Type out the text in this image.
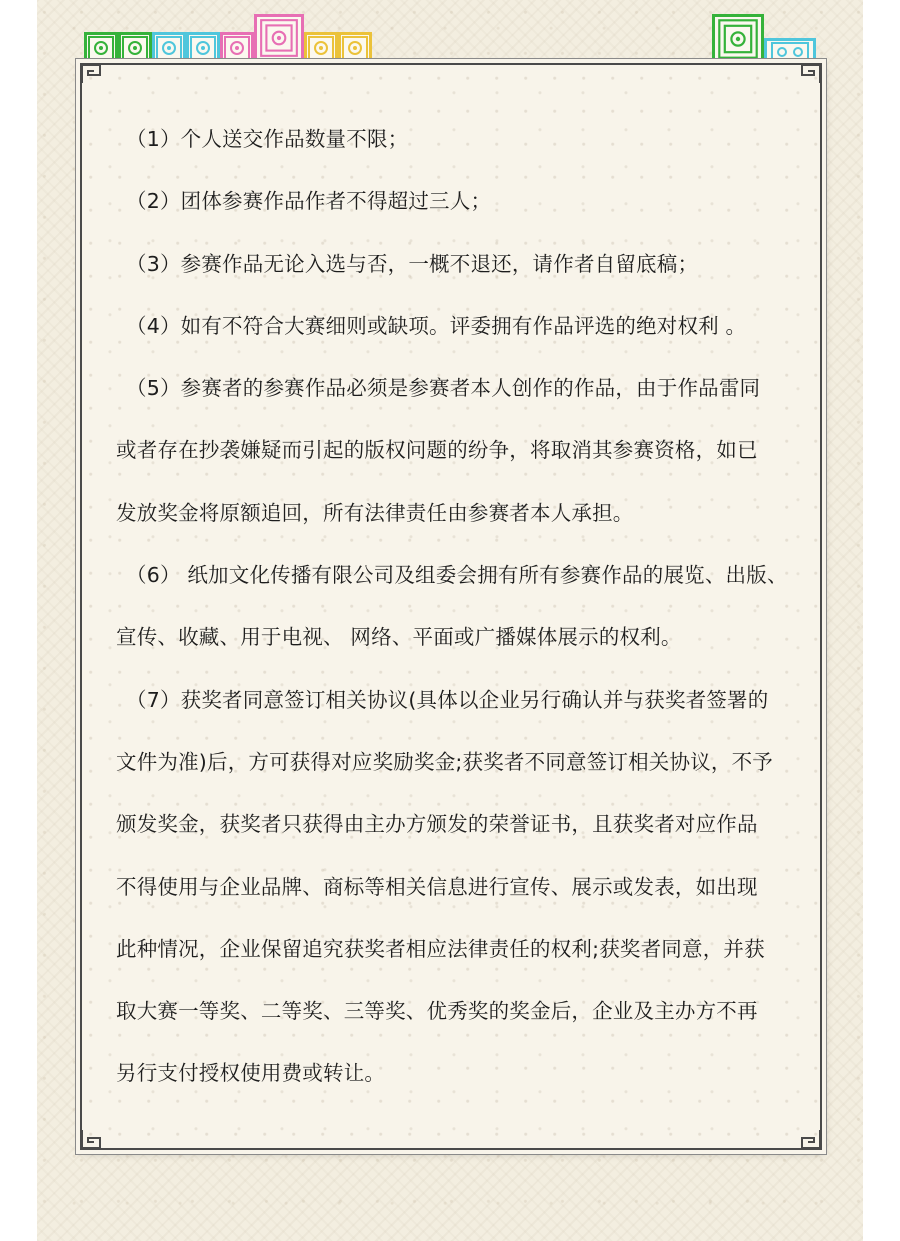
（1）个人送交作品数量不限；
（2）团体参赛作品作者不得超过三人；
（3）参赛作品无论入选与否，一概不退还，请作者自留底稿；
（4）如有不符合大赛细则或缺项。评委拥有作品评选的绝对权利 。
（5）参赛者的参赛作品必须是参赛者本人创作的作品，由于作品雷同
或者存在抄袭嫌疑而引起的版权问题的纷争，将取消其参赛资格，如已
发放奖金将原额追回，所有法律责任由参赛者本人承担。
（6） 纸加文化传播有限公司及组委会拥有所有参赛作品的展览、出版、
宣传、收藏、用于电视、 网络、平面或广播媒体展示的权利。
（7）获奖者同意签订相关协议(具体以企业另行确认并与获奖者签署的
文件为准)后，方可获得对应奖励奖金;获奖者不同意签订相关协议，不予
颁发奖金，获奖者只获得由主办方颁发的荣誉证书，且获奖者对应作品
不得使用与企业品牌、商标等相关信息进行宣传、展示或发表，如出现
此种情况，企业保留追究获奖者相应法律责任的权利;获奖者同意，并获
取大赛一等奖、二等奖、三等奖、优秀奖的奖金后，企业及主办方不再
另行支付授权使用费或转让。
